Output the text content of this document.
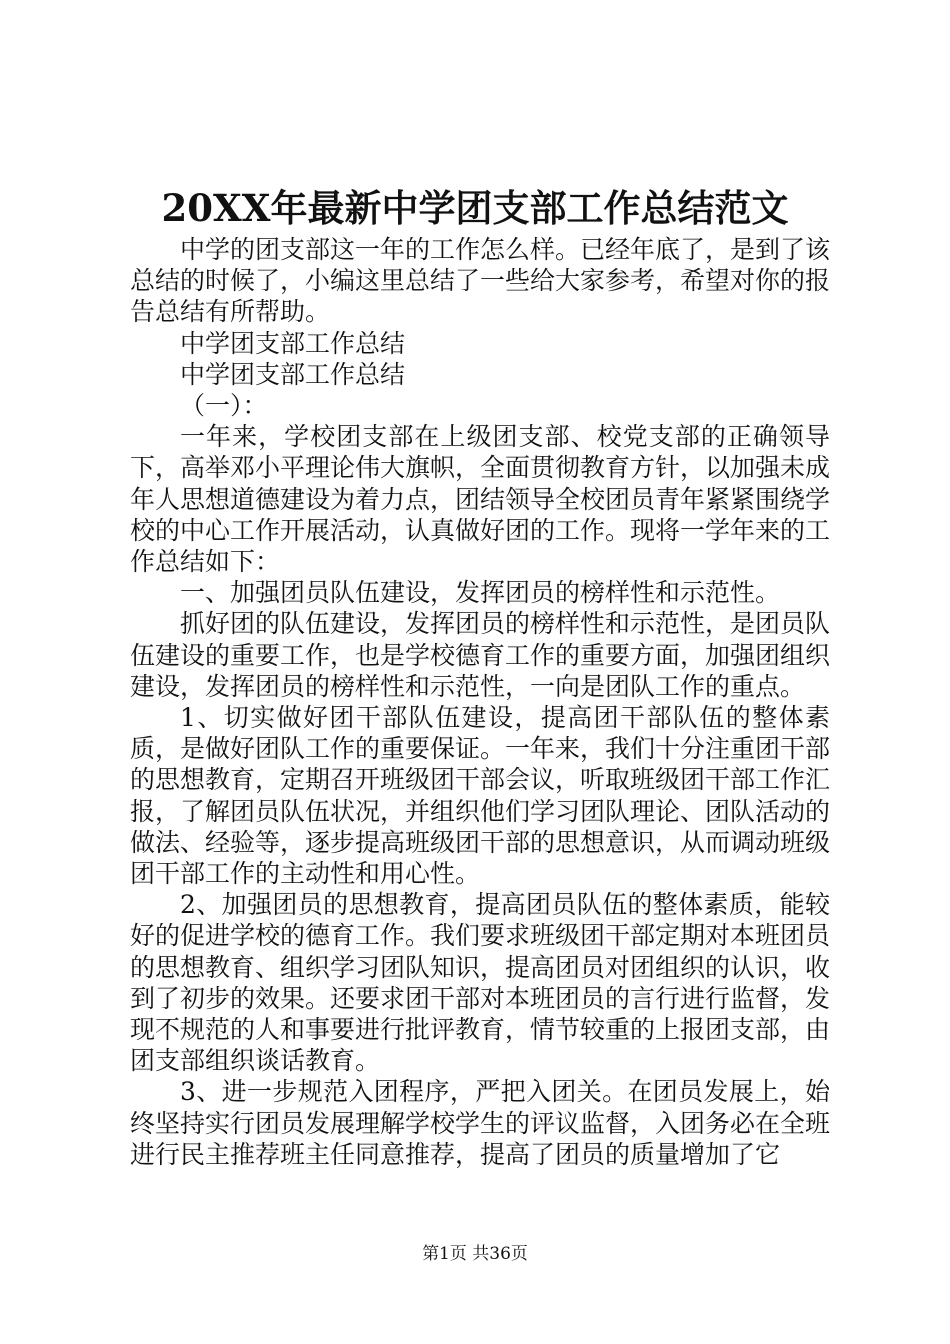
20XX年最新中学团支部工作总结范文

中学的团支部这一年的工作怎么样。已经年底了，是到了该总结的时候了，小编这里总结了一些给大家参考，希望对你的报告总结有所帮助。

中学团支部工作总结

中学团支部工作总结

（一）：

一年来，学校团支部在上级团支部、校党支部的正确领导下，高举邓小平理论伟大旗帜，全面贯彻教育方针，以加强未成年人思想道德建设为着力点，团结领导全校团员青年紧紧围绕学校的中心工作开展活动，认真做好团的工作。现将一学年来的工作总结如下：

一、加强团员队伍建设，发挥团员的榜样性和示范性。

抓好团的队伍建设，发挥团员的榜样性和示范性，是团员队伍建设的重要工作，也是学校德育工作的重要方面，加强团组织建设，发挥团员的榜样性和示范性，一向是团队工作的重点。

1、切实做好团干部队伍建设，提高团干部队伍的整体素质，是做好团队工作的重要保证。一年来，我们十分注重团干部的思想教育，定期召开班级团干部会议，听取班级团干部工作汇报，了解团员队伍状况，并组织他们学习团队理论、团队活动的做法、经验等，逐步提高班级团干部的思想意识，从而调动班级团干部工作的主动性和用心性。

2、加强团员的思想教育，提高团员队伍的整体素质，能较好的促进学校的德育工作。我们要求班级团干部定期对本班团员的思想教育、组织学习团队知识，提高团员对团组织的认识，收到了初步的效果。还要求团干部对本班团员的言行进行监督，发现不规范的人和事要进行批评教育，情节较重的上报团支部，由团支部组织谈话教育。

3、进一步规范入团程序，严把入团关。在团员发展上，始终坚持实行团员发展理解学校学生的评议监督，入团务必在全班进行民主推荐班主任同意推荐，提高了团员的质量增加了它

第1页 共36页
